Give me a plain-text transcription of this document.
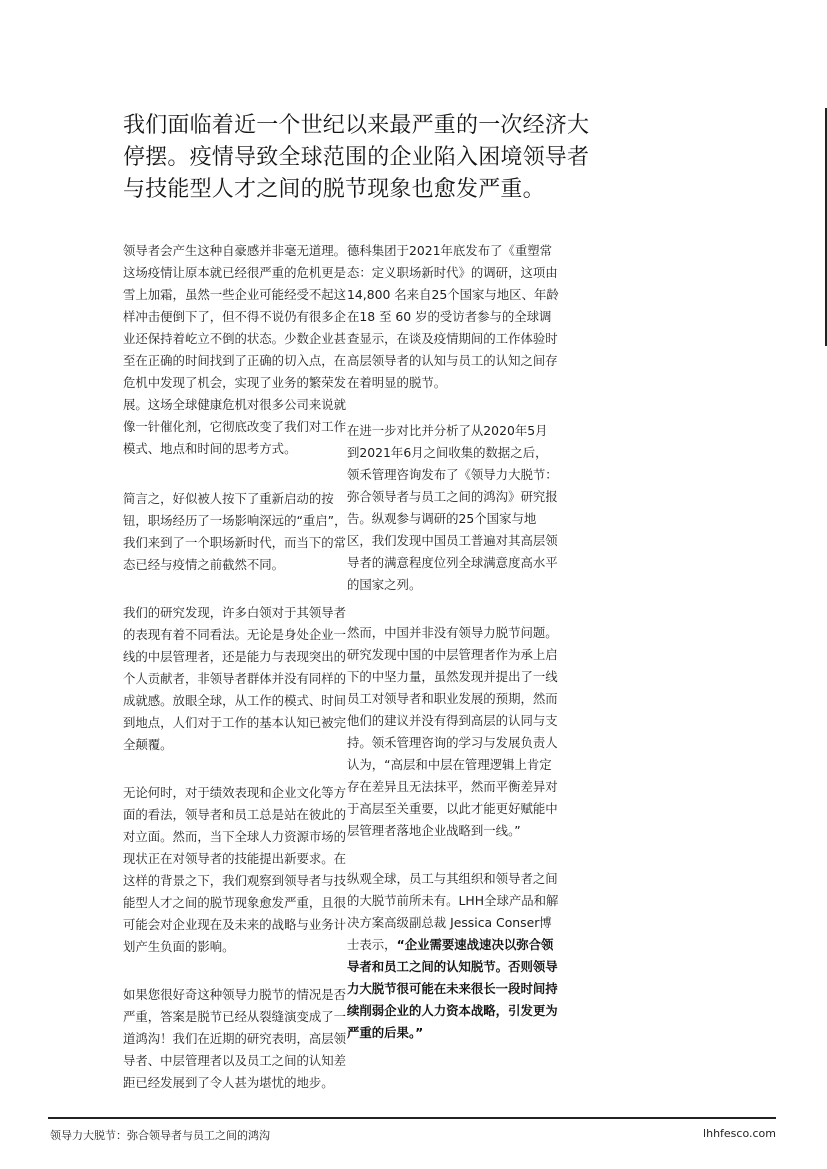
我们面临着近一个世纪以来最严重的一次经济大停摆。疫情导致全球范围的企业陷入困境领导者与技能型人才之间的脱节现象也愈发严重。

领导者会产生这种自豪感并非毫无道理。这场疫情让原本就已经很严重的危机更是雪上加霜，虽然一些企业可能经受不起这样冲击便倒下了，但不得不说仍有很多企业还保持着屹立不倒的状态。少数企业甚至在正确的时间找到了正确的切入点，在危机中发现了机会，实现了业务的繁荣发展。这场全球健康危机对很多公司来说就像一针催化剂，它彻底改变了我们对工作模式、地点和时间的思考方式。

简言之，好似被人按下了重新启动的按钮，职场经历了一场影响深远的“重启”，我们来到了一个职场新时代，而当下的常态已经与疫情之前截然不同。

我们的研究发现，许多白领对于其领导者的表现有着不同看法。无论是身处企业一线的中层管理者，还是能力与表现突出的个人贡献者，非领导者群体并没有同样的成就感。放眼全球，从工作的模式、时间到地点，人们对于工作的基本认知已被完全颠覆。

无论何时，对于绩效表现和企业文化等方面的看法，领导者和员工总是站在彼此的对立面。然而，当下全球人力资源市场的现状正在对领导者的技能提出新要求。在这样的背景之下，我们观察到领导者与技能型人才之间的脱节现象愈发严重，且很可能会对企业现在及未来的战略与业务计划产生负面的影响。

如果您很好奇这种领导力脱节的情况是否严重，答案是脱节已经从裂缝演变成了一道鸿沟！我们在近期的研究表明，高层领导者、中层管理者以及员工之间的认知差距已经发展到了令人甚为堪忧的地步。

德科集团于2021年底发布了《重塑常态：定义职场新时代》的调研，这项由14,800 名来自25个国家与地区、年龄在18 至 60 岁的受访者参与的全球调查显示，在谈及疫情期间的工作体验时高层领导者的认知与员工的认知之间存在着明显的脱节。

在进一步对比并分析了从2020年5月到2021年6月之间收集的数据之后，领禾管理咨询发布了《领导力大脱节：弥合领导者与员工之间的鸿沟》研究报告。纵观参与调研的25个国家与地区，我们发现中国员工普遍对其高层领导者的满意程度位列全球满意度高水平的国家之列。

然而，中国并非没有领导力脱节问题。研究发现中国的中层管理者作为承上启下的中坚力量，虽然发现并提出了一线员工对领导者和职业发展的预期，然而他们的建议并没有得到高层的认同与支持。领禾管理咨询的学习与发展负责人认为，“高层和中层在管理逻辑上肯定存在差异且无法抹平，然而平衡差异对于高层至关重要，以此才能更好赋能中层管理者落地企业战略到一线。”

纵观全球，员工与其组织和领导者之间的大脱节前所未有。LHH全球产品和解决方案高级副总裁 Jessica Conser博士表示，“企业需要速战速决以弥合领导者和员工之间的认知脱节。否则领导力大脱节很可能在未来很长一段时间持续削弱企业的人力资本战略，引发更为严重的后果。”

领导力大脱节：弥合领导者与员工之间的鸿沟	lhhfesco.com
